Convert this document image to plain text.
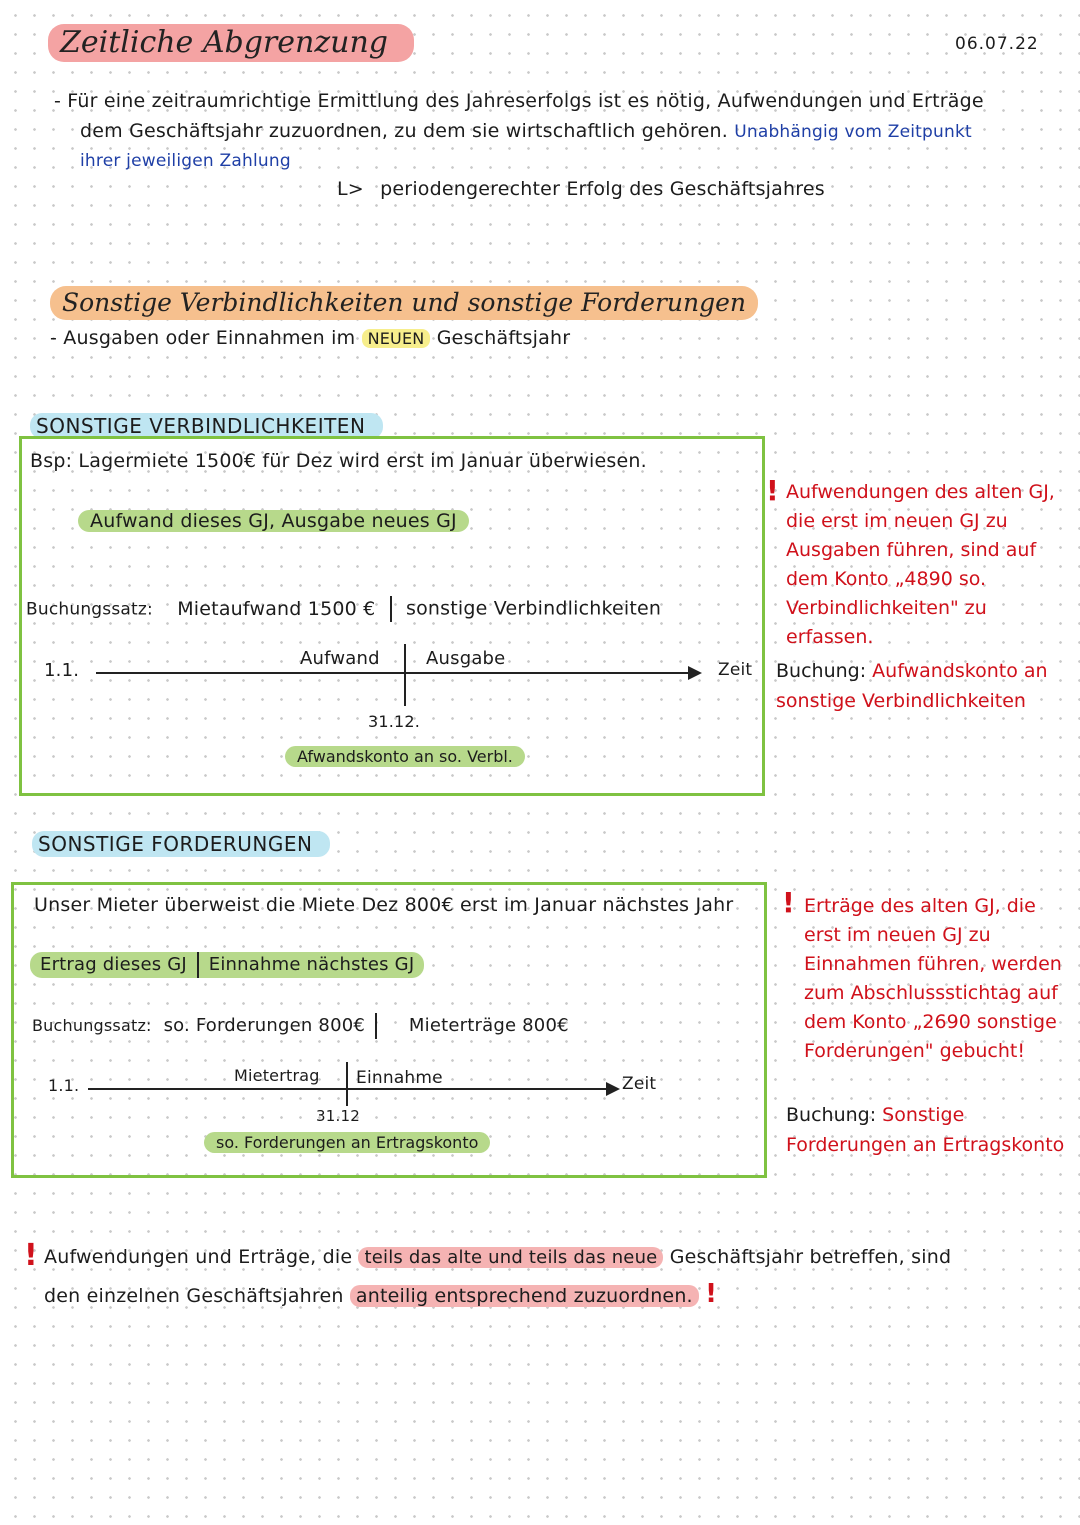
Zeitliche Abgrenzung	06.07.22
- Für eine zeitraumrichtige Ermittlung des Jahreserfolgs ist es nötig, Aufwendungen und Erträge
dem Geschäftsjahr zuzuordnen, zu dem sie wirtschaftlich gehören. Unabhängig vom Zeitpunkt
ihrer jeweiligen Zahlung
L> periodengerechter Erfolg des Geschäftsjahres
Sonstige Verbindlichkeiten und sonstige Forderungen
- Ausgaben oder Einnahmen im NEUEN Geschäftsjahr
SONSTIGE VERBINDLICHKEITEN
Bsp: Lagermiete 1500€ für Dez wird erst im Januar überwiesen.
Aufwand dieses GJ, Ausgabe neues GJ
Buchungssatz: Mietaufwand 1500 € sonstige Verbindlichkeiten
1.1.
Aufwand	Ausgabe
Zeit
31.12.
Afwandskonto an so. Verbl.
! Aufwendungen des alten GJ, die erst im neuen GJ zu Ausgaben führen, sind auf dem Konto „4890 so. Verbindlichkeiten" zu erfassen.
Buchung: Aufwandskonto an sonstige Verbindlichkeiten
SONSTIGE FORDERUNGEN
Unser Mieter überweist die Miete Dez 800€ erst im Januar nächstes Jahr
Ertrag dieses GJ Einnahme nächstes GJ
Buchungssatz: so. Forderungen 800€ Mieterträge 800€
1.1.
Mietertrag Einnahme	Zeit
31.12
so. Forderungen an Ertragskonto
! Erträge des alten GJ, die erst im neuen GJ zu Einnahmen führen, werden zum Abschlussstichtag auf dem Konto „2690 sonstige Forderungen" gebucht!
Buchung: Sonstige Forderungen an Ertragskonto
! Aufwendungen und Erträge, die teils das alte und teils das neue Geschäftsjahr betreffen, sind
den einzelnen Geschäftsjahren anteilig entsprechend zuzuordnen. !
